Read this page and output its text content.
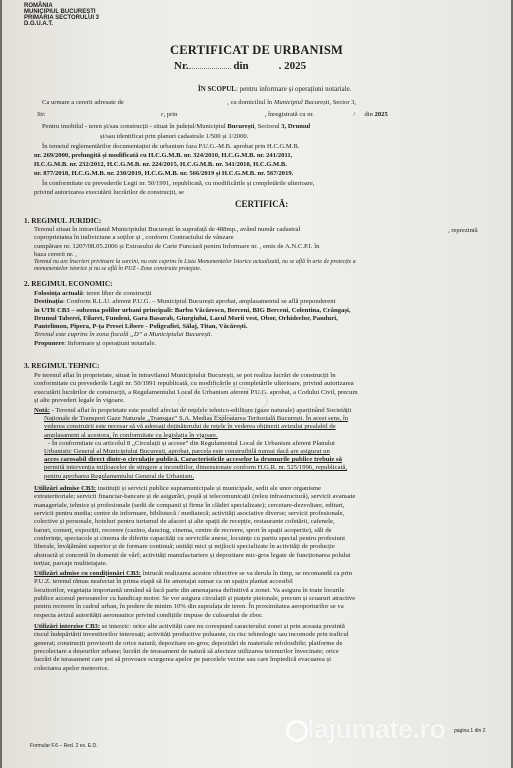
ROMÂNIA
MUNICIPIUL BUCUREȘTI
PRIMĂRIA SECTORULUI 3
D.G.U.A.T.
CERTIFICAT DE URBANISM
Nr.	din	. 2025
ÎN SCOPUL: pentru informare și operațiuni notariale.
Ca urmare a cererii adresate de	, cu domiciliul în Municipiul București, Sector 3,
Str.	r, prin	, înregistrată cu nr.	/ din 2025
Pentru imobilul - teren și/sau construcții - situat în județul/Municipiul București, Sectorul 3, Drumul
și/sau identificat prin planuri cadastrale 1/500 și 1/2000.
În temeiul reglementărilor documentației de urbanism faza P.U.G.-M.B. aprobat prin H.C.G.M.B.
nr. 269/2000, prelungită și modificată cu H.C.G.M.B. nr. 324/2010, H.C.G.M.B. nr. 241/2011,
H.C.G.M.B. nr. 232/2012, H.C.G.M.B. nr. 224/2015, H.C.G.M.B. nr. 341/2018, H.C.G.M.B.
nr. 877/2018, H.C.G.M.B. nr. 230/2019, H.C.G.M.B. nr. 566/2019 și H.C.G.M.B. nr. 567/2019.
În conformitate cu prevederile Legii nr. 50/1991, republicată, cu modificările și completările ulterioare,
privind autorizarea executării lucrărilor de construcții, se
CERTIFICĂ:
1. REGIMUL JURIDIC:
Terenul situat în intravilanul Municipiului București în suprafață de 488mp., având număr cadastral
coproprietatea în indiviziune a soților și , conform Contractului de vânzare
cumpărare nr. 1207/08.05.2006 și Extrasului de Carte Funciară pentru Informare nr. , emis de A.N.C.P.I. în
baza cererii nr. ,
Terenul nu are înscrieri privitoare la sarcini, nu este cuprins în Lista Monumentelor Istorice actualizată, nu se află în arie de protecție a
monumentelor istorice și nu se află în PUZ - Zone construite protejate.
, reprezintă
2. REGIMUL ECONOMIC:
Folosința actuală: teren liber de construcții
Destinația: Conform R.L.U. aferent P.U.G. – Municipiul București aprobat, amplasamentul se află preponderent
în UTR CB3 – subzona polilor urbani principali: Barbu Văcărescu, Berceni, BIG Berceni, Colentina, Crângași,
Drumul Taberei, Filaret, Fundeni, Gara Basarab, Giurgiului, Lacul Morii vest, Obor, Orhideelor, Panduri,
Pantelimon, Pipera, P-ța Presei Libere - Poligrafiei, Sălaj, Titan, Văcărești.
Terenul este cuprins în zona fiscală „D” a Municipiului București.
Propunere: Informare și operațiuni notariale.
3. REGIMUL TEHNIC:
Pe terenul aflat în proprietate, situat în intravilanul Municipiului București, se pot realiza lucrări de construcții în
conformitate cu prevederile Legii nr. 50/1991 republicată, cu modificările și completările ulterioare, privind autorizarea
executării lucrărilor de construcții, a Regulamentului Local de Urbanism aferent P.U.G. aprobat, a Codului Civil, precum
și alte prevederi legale în vigoare.
Notă: - Terenul aflat în proprietate este posibil afectat de rețelele tehnico-edilitare (gaze naturale) aparținând Societății
Naționale de Transport Gaze Naturale „Transgaz” S.A. Mediaș Exploatarea Teritorială București. În acest sens, în
vederea construirii este necesar să vă adresați deținătorului de rețele în vederea obținerii avizului prealabil de
amplasament al acestora, în conformitate cu legislația în vigoare.
- În conformitate cu articolul 8 „Circulații și accese” din Regulamentul Local de Urbanism aferent Planului
Urbanistic General al Municipiului București, aprobat, parcela este construibilă numai dacă are asigurat un
acces carosabil direct dintr-o circulație publică. Caracteristicile acceselor la drumurile publice trebuie să
permită intervenția mijloacelor de stingere a incendiilor, dimensionate conform H.G.R. nr. 525/1996, republicată,
pentru aprobarea Regulamentului General de Urbanism.
Utilizări admise CB3: instituții și servicii publice supramunicipale și municipale, sedii ale unor organisme
extrateritoriale; servicii financiar-bancare și de asigurări, poștă și telecomunicații (releu infrastructură), servicii avansate
manageriale, tehnice și profesionale (sedii de companii și firme în clădiri specializate); cercetare-dezvoltare, edituri,
servicii pentru media; centre de informare, bibliotecă / mediatecă; activități asociative diverse; servicii profesionale,
colective și personale, hoteluri pentru turismul de afaceri și alte spații de recepție, restaurante cofetării, cafenele,
baruri, comerț, expoziții, recreere (cazino, dancing, cinema, centre de recreere, sport în spații acoperite), săli de
conferințe, spectacole și cinema de diferite capacități cu serviciile anexe, locuințe cu partiu special pentru profesiuni
liberale, învățământ superior și de formare continuă; unități mici și mijlocii specializate în activități de producție
abstractă și concretă în domenii de vârf; activități manufacturiere și depozitare mic-gros legate de funcționarea polului
terțiar, parcaje multietajate.
Utilizări admise cu condiționări CB3: întrucât realizarea acestor obiective se va derula în timp, se recomandă ca prin
P.U.Z. terenul rămas neafectat în prima etapă să fie amenajat sumar ca un spațiu plantat accesibil
locuitorilor, vegetația importantă urmând să facă parte din amenajarea definitivă a zonei. Va asigura în toate locurile
publice accesul persoanelor cu handicap motor. Se vor asigura circulații și piațete pietonale, precum și scuaruri atractive
pentru recreere în cadrul urban, în podere de minim 10% din suprafața de teren. În proximitatea aeroporturilor se va
respecta avizul autorității aeronautice privind condițiile impuse de culoarului de zbor.
Utilizări interzise CB3: se interzic: orice alte activități care nu corespund caracterului zonei și prin aceasta prezintă
riscul îndepărtării investitorilor interesați; activități productive poluante, cu risc tehnologic sau incomode prin traficul
generat; construcții provizorii de orice natură; depozitare en-gros; depozitări de materiale refolosibile; platforme de
precolectare a deșeurilor urbane; lucrări de terasament de natură să afecteze utilizarea terenurilor învecinate; orice
lucrări de terasament care pot să provoace scurgerea apelor pe parcelele vecine sau care împiedică evacuarea și
colectarea apelor meteorice.
Formular F.6 – Red. 2 ex. E.D.
pagina 1 din 2
lajumate.ro
